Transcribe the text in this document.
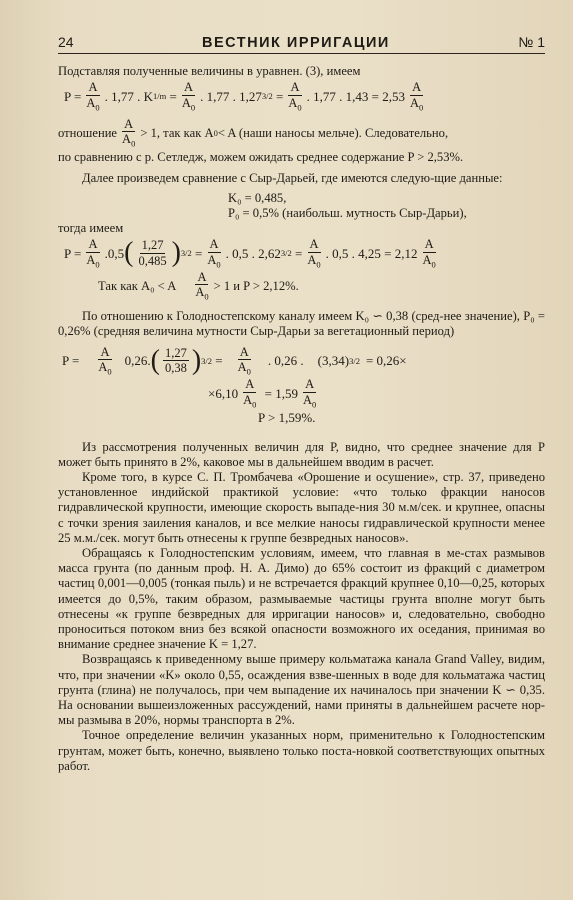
24	ВЕСТНИК ИРРИГАЦИИ	№ 1

Подставляя полученные величины в уравнен. (3), имеем

$P = \frac{A}{A_0}$ . 1,77 . K $1/m = \frac{A}{A_0}$ . 1,77 . 1,27 $3/2 = \frac{A}{A_0}$ . 1,77 . $1,43 = 2,53 \frac{A}{A_0}$
отношение $\frac{A}{A_0} > 1$, так как A 0 < A (наши наносы мельче). Следовательно,

по сравнению с р. Сетледж, можем ожидать среднее содержание P > 2,53%.

Далее произведем сравнение с Сыр-Дарьей, где имеются следую-щие данные:

K₀ = 0,485,

P₀ = 0,5% (наибольш. мутность Сыр-Дарьи),

тогда имеем

$P = \frac{A}{A_0}$ . 0,5 ( $\frac{1,27}{0,485}$ ) $3/2 = \frac{A}{A_0}$ . 0,5 . 2,62 $3/2 = \frac{A}{A_0}$ . 0,5 . $4,25 = 2,12 \frac{A}{A_0}$
Так как A₀ < A $\frac{A}{A_0} > 1$ и P > 2,12%.

По отношению к Голодностепскому каналу имеем K₀ ∽ 0,38 (сред-нее значение), P₀ = 0,26% (средняя величина мутности Сыр-Дарьи за вегетационный период)

$P = \frac{A}{A_0} 0,26$. ( $\frac{1,27}{0,38}$ ) $3/2 = \frac{A}{A_0}$ . 0,26 . (3,34) 3/2 = 0,26×
$\times 6,10 \frac{A}{A_0} = 1,59 \frac{A}{A_0}$
P > 1,59%.

Из рассмотрения полученных величин для P, видно, что среднее значение для P может быть принято в 2%, каковое мы в дальнейшем вводим в расчет.

Кроме того, в курсе С. П. Тромбачева «Орошение и осушение», стр. 37, приведено установленное индийской практикой условие: «что только фракции наносов гидравлической крупности, имеющие скорость выпаде-ния 30 м.м/сек. и крупнее, опасны с точки зрения заиления каналов, и все мелкие наносы гидравлической крупности менее 25 м.м./сек. могут быть отнесены к группе безвредных наносов».

Обращаясь к Голодностепским условиям, имеем, что главная в ме-стах размывов масса грунта (по данным проф. Н. А. Димо) до 65% состоит из фракций с диаметром частиц 0,001—0,005 (тонкая пыль) и не встречается фракций крупнее 0,10—0,25, которых имеется до 0,5%, таким образом, размываемые частицы грунта вполне могут быть отнесены «к группе безвредных для ирригации наносов» и, следовательно, свободно проноситься потоком вниз без всякой опасности возможного их оседания, принимая во внимание среднее значение K = 1,27.

Возвращаясь к приведенному выше примеру кольматажа канала Grand Valley, видим, что, при значении «K» около 0,55, осаждения взве-шенных в воде для кольматажа частиц грунта (глина) не получалось, при чем выпадение их начиналось при значении K ∽ 0,35. На основании вышеизложенных рассуждений, нами приняты в дальнейшем расчете нор-мы размыва в 20%, нормы транспорта в 2%.

Точное определение величин указанных норм, применительно к Голодностепским грунтам, может быть, конечно, выявлено только поста-новкой соответствующих опытных работ.
